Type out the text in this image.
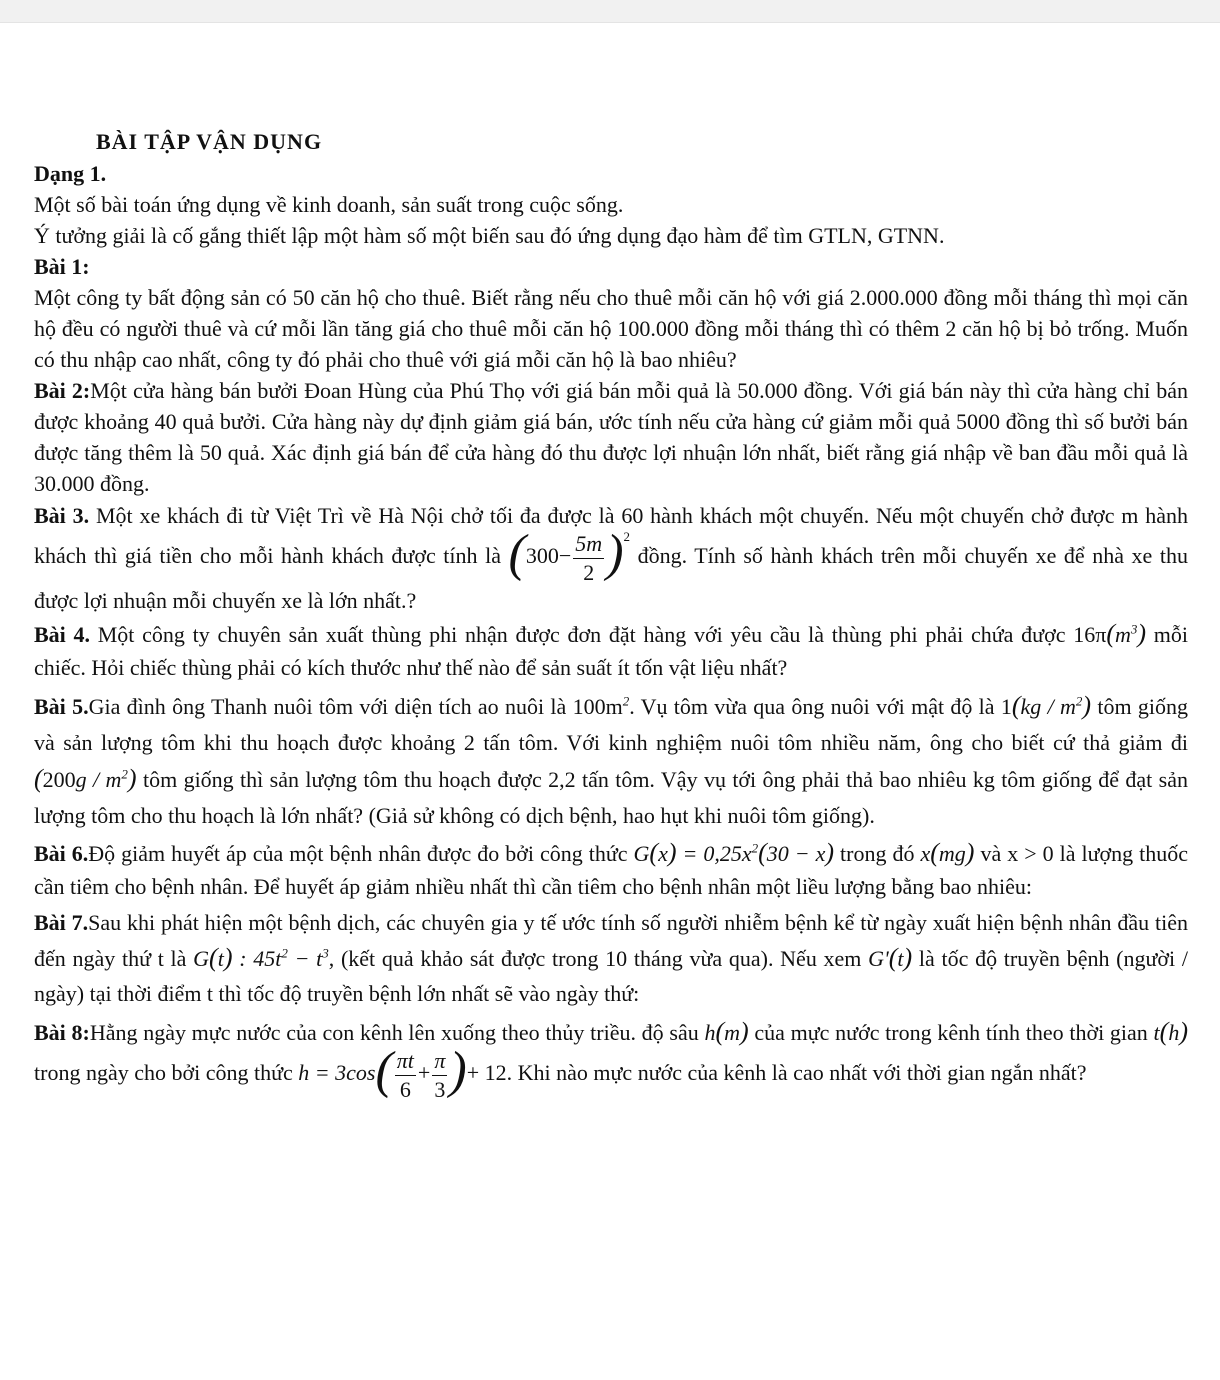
BÀI TẬP VẬN DỤNG
Dạng 1.

Một số bài toán ứng dụng về kinh doanh, sản suất trong cuộc sống.

Ý tưởng giải là cố gắng thiết lập một hàm số một biến sau đó ứng dụng đạo hàm để tìm GTLN, GTNN.

Bài 1:

Một công ty bất động sản có 50 căn hộ cho thuê. Biết rằng nếu cho thuê mỗi căn hộ với giá 2.000.000 đồng mỗi tháng thì mọi căn hộ đều có người thuê và cứ mỗi lần tăng giá cho thuê mỗi căn hộ 100.000 đồng mỗi tháng thì có thêm 2 căn hộ bị bỏ trống. Muốn có thu nhập cao nhất, công ty đó phải cho thuê với giá mỗi căn hộ là bao nhiêu?

Bài 2:Một cửa hàng bán bưởi Đoan Hùng của Phú Thọ với giá bán mỗi quả là 50.000 đồng. Với giá bán này thì cửa hàng chỉ bán được khoảng 40 quả bưởi. Cửa hàng này dự định giảm giá bán, ước tính nếu cửa hàng cứ giảm mỗi quả 5000 đồng thì số bưởi bán được tăng thêm là 50 quả. Xác định giá bán để cửa hàng đó thu được lợi nhuận lớn nhất, biết rằng giá nhập về ban đầu mỗi quả là 30.000 đồng.

Bài 3. Một xe khách đi từ Việt Trì về Hà Nội chở tối đa được là 60 hành khách một chuyến. Nếu một chuyến chở được m hành khách thì giá tiền cho mỗi hành khách được tính là $(300- \frac{5m}{2} )^2$ đồng. Tính số hành khách trên mỗi chuyến xe để nhà xe thu được lợi nhuận mỗi chuyến xe là lớn nhất.?

Bài 4. Một công ty chuyên sản xuất thùng phi nhận được đơn đặt hàng với yêu cầu là thùng phi phải chứa được $16\pi(m^3)$ mỗi chiếc. Hỏi chiếc thùng phải có kích thước như thế nào để sản suất ít tốn vật liệu nhất?

Bài 5.Gia đình ông Thanh nuôi tôm với diện tích ao nuôi là $100m^2$. Vụ tôm vừa qua ông nuôi với mật độ là $1(kg / m^2)$ tôm giống và sản lượng tôm khi thu hoạch được khoảng 2 tấn tôm. Với kinh nghiệm nuôi tôm nhiều năm, ông cho biết cứ thả giảm đi $(200g / m^2)$ tôm giống thì sản lượng tôm thu hoạch được 2,2 tấn tôm. Vậy vụ tới ông phải thả bao nhiêu kg tôm giống để đạt sản lượng tôm cho thu hoạch là lớn nhất? (Giả sử không có dịch bệnh, hao hụt khi nuôi tôm giống).

Bài 6.Độ giảm huyết áp của một bệnh nhân được đo bởi công thức $G(x) = 0,25x^2(30 - x)$ trong đó x(mg) và x > 0 là lượng thuốc cần tiêm cho bệnh nhân. Để huyết áp giảm nhiều nhất thì cần tiêm cho bệnh nhân một liều lượng bằng bao nhiêu:

Bài 7.Sau khi phát hiện một bệnh dịch, các chuyên gia y tế ước tính số người nhiễm bệnh kể từ ngày xuất hiện bệnh nhân đầu tiên đến ngày thứ t là G(t) : $45t^2 - t^3$, (kết quả khảo sát được trong 10 tháng vừa qua). Nếu xem G'(t) là tốc độ truyền bệnh (người / ngày) tại thời điểm t thì tốc độ truyền bệnh lớn nhất sẽ vào ngày thứ:

Bài 8:Hằng ngày mực nước của con kênh lên xuống theo thủy triều. độ sâu h(m) của mực nước trong kênh tính theo thời gian t(h) trong ngày cho bởi công thức $h = 3\cos( \frac{\pi t}{6} + \frac{\pi}{3}$ )+ 12. Khi nào mực nước của kênh là cao nhất với thời gian ngắn nhất?
